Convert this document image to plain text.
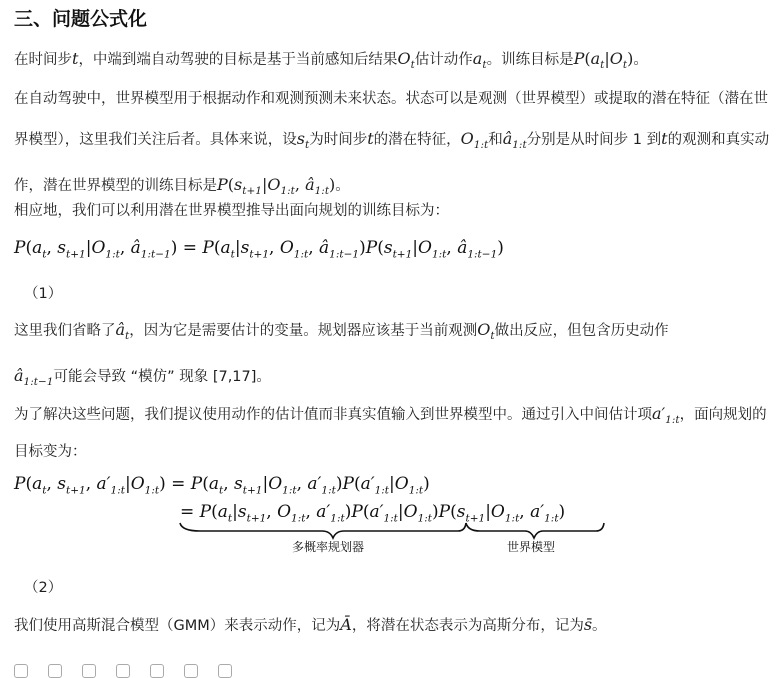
三、问题公式化
在时间步t，中端到端自动驾驶的目标是基于当前感知后结果$O_t$估计动作$a_t$。训练目标是$P(a_t|O_t)$。
在自动驾驶中，世界模型用于根据动作和观测预测未来状态。状态可以是观测（世界模型）或提取的潜在特征（潜在世界模型），这里我们关注后者。具体来说，设$s_t$为时间步t的潜在特征，$O_{1:t}$和$â_{1:t}$分别是从时间步 1 到t的观测和真实动作，潜在世界模型的训练目标是$P(s_{t+1}|O_{1:t}$, $â_{1:t}$)。
相应地，我们可以利用潜在世界模型推导出面向规划的训练目标为：
$P(a_t$, $s_{t+1}|O_{1:t}$, $â_{1:t-1}) = P(a_t|s_{t+1}$, $O_{1:t}$, $â_{1:t-1})P(s_{t+1}|O_{1:t}$, $â_{1:t-1}$)
（1）
这里我们省略了$â_t$，因为它是需要估计的变量。规划器应该基于当前观测$O_t$做出反应，但包含历史动作
$â_{1:t-1}$可能会导致 “模仿” 现象 [7,17]。
为了解决这些问题，我们提议使用动作的估计值而非真实值输入到世界模型中。通过引入中间估计项$a'_{1:t}$，面向规划的目标变为：
$P(a_t$, $s_{t+1}$, $a'_{1:t}|O_{1:t}) = P(a_t$, $s_{t+1}|O_{1:t}$, $a'_{1:t})P(a'_{1:t}|O_{1:t})$
= $P(a_t|s_{t+1}$, $O_{1:t}$, $a'_{1:t})P(a'_{1:t}|O_{1:t})P(s_{t+1}|O_{1:t}$, $a'_{1:t}$)
多概率规划器	世界模型
（2）
我们使用高斯混合模型（GMM）来表示动作，记为Ā，将潜在状态表示为高斯分布，记为s̄。
